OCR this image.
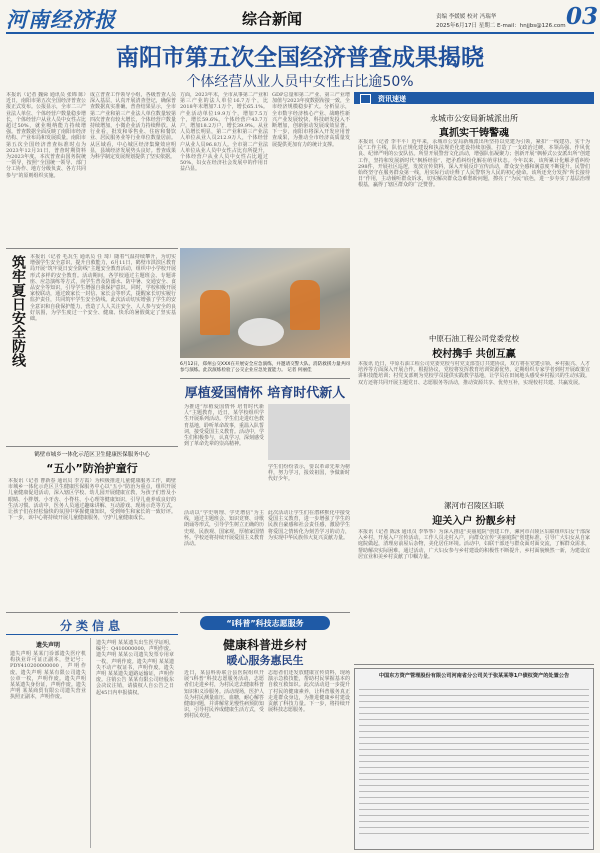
河南经济报	综合新闻	责编 李媛媛 校对 冯瑞华
2025年6月17日 星期二 E-mail：hnjjbs@126.com 03
南阳市第五次全国经济普查成果揭晓
个体经营从业人员中女性占比逾50%
本报讯（记者 魏舜 通讯员 张锦 陈）近日，南阳市第五次全国经济普查公报正式发布。公报显示，全市二三产业法人单位、个体经营户数量稳步增长，个体经营户从业人员中女性占比超过50%，就业吸纳能力持续增强。普查数据全面反映了南阳市经济结构、产业布局和发展质量。南阳市第五次全国经济普查标准时点为2023年12月31日，普查时期资料为2023年度。本次普查由国务院统一领导，按照“全国统一领导、部门分工协作、地方分级负责、各方共同参与”的原则组织实施。
成立普查工作领导小组，各级普查人员深入基层，认真开展清查登记，确保普查数据真实准确。普查结果显示，全市第二产业和第三产业法人单位数量较第四次普查有较大增长，个体经营户数量持续增加，小微企业活力持续释放。从行业看，批发和零售业、住宿和餐饮业、居民服务业等行业单位数量居前。从区域看，中心城区经济集聚效应明显，县域经济发展势头良好。普查成果为科学制定发展规划提供了坚实依据。
方面，2023年末，全市从事第二产业和第三产业的法人单位16.7万个，比2018年末增加7.1万个，增长65.1%。产业活动单位19.9万个，增加7.5万个，增长59.6%。个体经营户43.7万户，增加18.2万户，增长39.9%。从业人员增长明显，第二产业和第三产业法人单位从业人员212.9万人，个体经营户从业人员96.8万人。全市第二产业法人单位从业人员中女性占比有所提升，个体经营户从业人员中女性占比超过50%，妇女在经济社会发展中的作用日益凸显。
GDP总量和第二产业、第三产业增加值与2023年度数据衔接一致，全市经济规模稳步扩大。分析显示，全市数字经济核心产业、战略性新兴产业发展较快，科技研发投入不断增加，创新驱动发展成效显著。下一步，南阳市将深入开发应用普查成果，为推动全市经济高质量发展提供更加有力的统计支撑。
资讯速递
永城市公安局新城派出所
真抓实干铸警魂
本报讯（记者 李丰平）近年来，永城市公安局新城派出所坚持以党建为引领，紧扣“一线建功、实干为民”工作主线，队伍正规化建设和执法规范化建设持续加强，打造了一支政治过硬、本领高强、作风优良、纪律严明的公安队伍。所里开展警营文化活动，增强队伍凝聚力；创新开展“枫桥式公安派出所”创建工作，坚持和发展新时代“枫桥经验”，把矛盾纠纷化解在萌芽状态。今年以来，该所累计化解矛盾纠纷298件，开展社区巡逻，发放宣传资料，深入开展反诈宣传活动，群众安全感和满意度不断提升。民警们始终坚守在服务群众第一线，用实际行动诠释了人民警察为人民的初心使命。该所还充分发挥“所长接待日”作用，主动倾听群众诉求，切实解决群众急难愁盼问题，擦亮了“为民”底色，进一步夯实了基层治理根基，赢得了辖区群众的广泛赞誉。
中原石油工程公司党委党校
校村携手 共创互赢
本报讯 近日，中原石油工程公司党委党校与村党支部签订共建协议，双方将在党建引领、乡村振兴、人才培养等方面深入开展合作。根据协议，党校将发挥教育培训资源优势，定期组织专家学者到村开展政策宣讲和技能培训；村党支部则为党校学员提供实践教学基地，让学员在田间地头感受乡村振兴的生动实践。双方还将共同开展主题党日、志愿服务等活动，推动资源共享、优势互补，实现校村共建、共赢发展。
漯河市召陵区妇联
迎关入户 扮靓乡村
本报讯（记者 陈泳 通讯员 李筝筝）为深入推进“美丽庭院”创建工作，漯河市召陵区妇联组织妇女干部深入乡村，开展入户宣传活动。工作人员走村入户，向群众宣传“美丽庭院”创建标准，引导广大妇女从自家庭院做起，清理房前屋后杂物，美化居住环境。活动中，妇联干部还与群众面对面交流，了解群众需求，帮助解决实际困难。通过活动，广大妇女参与乡村建设的积极性不断提升，乡村面貌焕然一新，为建设宜居宜业和美乡村贡献了巾帼力量。
6月12日，郑州公交XXX在开展安全应急演练，并邀请交警大队、消防救援力量共同参与演练。此次演练检验了公交企业应急处置能力。 记者 何丽佳
筑牢夏日安全防线 本报讯（记者 毛瓦生 通讯员 任 琦）随着气温持续攀升，为切实增强学生安全意识，提升自救能力，6月11日，鹤壁市淇滨区教育局开展“筑牢夏日安全防线”主题安全教育活动，组织中小学校开展形式多样的安全教育。活动期间，各学校通过主题班会、专题讲座、应急演练等方式，向学生普及防溺水、防中暑、交通安全、食品安全等知识，引导学生增强自我保护意识。同时，学校积极开展家校联动，通过致家长一封信、家长会等形式，提醒家长切实履行监护责任，共同筑牢学生安全防线。此次活动切实增强了学生的安全意识和自我保护能力，营造了人人关注安全、人人参与安全的良好氛围，为学生度过一个安全、健康、快乐的暑假奠定了坚实基础。
鹤壁市城乡一体化示范区卫生健康医保服务中心
“五小”防治护童行
本报讯（记者 曹新春 通讯员 李方霞）为积极推进儿童健康服务工作，鹤壁市城乡一体化示范区卫生健康医保服务中心以“五小”防治为重点，组织开展儿童健康促进活动，深入辖区学校、幼儿园开展健康宣教，为孩子们普及小眼睛、小胖墩、小牙齿、小脊柱、小心理等健康知识，引导儿童养成良好的生活习惯。活动中，医务人员通过趣味讲解、互动游戏、现场示范等方式，让孩子们在轻松愉快的氛围中掌握健康知识，受到师生和家长的一致好评。下一步，该中心将持续开展儿童健康服务，守护儿童健康成长。
分类信息
遗失声明
遗失声明 某某门诊部遗失医疗机构执业许可证正副本，登记号：PDY410200000000，声明作废。遗失声明 某某有限公司遗失公章一枚，声明作废。遗失声明 某某遗失身份证，声明作废。遗失声明 某某商贸有限公司遗失营业执照正副本，声明作废。
遗失声明 某某遗失出生医学证明，编号：Q410000000，声明作废。遗失声明 某某公司遗失发票专用章一枚，声明作废。遗失声明 某某遗失不动产权证书，声明作废。遗失声明 某某遗失道路运输证，声明作废。注销公告 某某有限公司经股东会决议注销，请债权人自公告之日起45日内申报债权。
厚植爱国情怀 培育时代新人
为推进“厚植爱国情怀 培育时代新人”主题教育，近日，某学校组织学生开展系列活动。学生们走进红色教育基地，聆听革命故事，重温入队誓词，接受爱国主义教育。活动中，学生们积极参与，认真学习，深刻感受到了革命先辈的崇高精神。
学生们纷纷表示，要以革命先辈为榜样，努力学习，报效祖国，争做新时代好少年。
活动以“学史明理、学史增信”为主线，通过主题班会、知识竞赛、诗歌朗诵等形式，引导学生树立正确的历史观、民族观、国家观，厚植家国情怀。学校还将持续开展爱国主义教育活动。
此次活动让学生们在潜移默化中接受爱国主义教育，进一步增强了学生的民族自豪感和社会责任感，激励学生将爱国之情转化为刻苦学习的动力，为实现中华民族伟大复兴贡献力量。
“i科普”科技志愿服务
健康科普进乡村
暖心服务惠民生
近日，某县科协联合县医院组织开展“i科普”科技志愿服务活动，志愿者们走进乡村，为村民送去健康科普知识和义诊服务。活动现场，医护人员为村民测量血压、血糖，耐心解答健康问题，并讲解常见慢性病预防知识，引导村民养成健康生活方式，受到村民欢迎。
志愿者们还发放健康宣传资料，现场演示急救技能，帮助村民掌握基本的自救互救知识。此次活动进一步提升了村民的健康素养，让科普服务真正走进群众身边，为推进健康乡村建设贡献了科技力量。下一步，将持续开展科技志愿服务。
中国东方资产管理股份有限公司河南省分公司关于张某某等1户债权资产的处置公告
